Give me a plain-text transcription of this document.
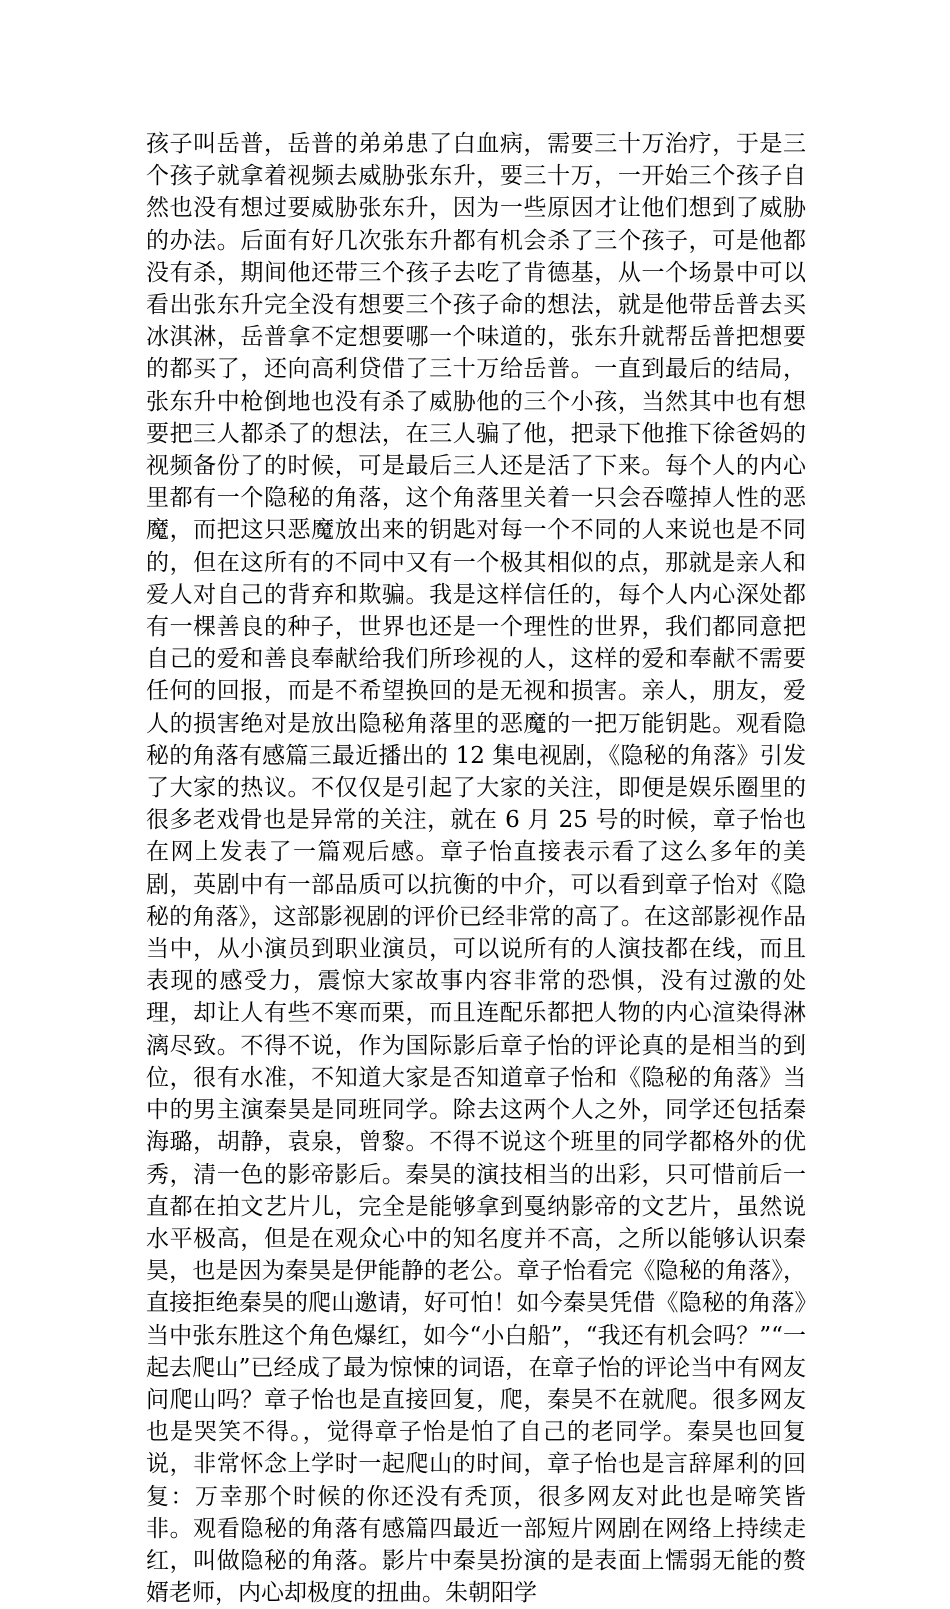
孩子叫岳普，岳普的弟弟患了白血病，需要三十万治疗，于是三个孩子就拿着视频去威胁张东升，要三十万，一开始三个孩子自然也没有想过要威胁张东升，因为一些原因才让他们想到了威胁的办法。后面有好几次张东升都有机会杀了三个孩子，可是他都没有杀，期间他还带三个孩子去吃了肯德基，从一个场景中可以看出张东升完全没有想要三个孩子命的想法，就是他带岳普去买冰淇淋，岳普拿不定想要哪一个味道的，张东升就帮岳普把想要的都买了，还向高利贷借了三十万给岳普。一直到最后的结局，张东升中枪倒地也没有杀了威胁他的三个小孩，当然其中也有想要把三人都杀了的想法，在三人骗了他，把录下他推下徐爸妈的视频备份了的时候，可是最后三人还是活了下来。每个人的内心里都有一个隐秘的角落，这个角落里关着一只会吞噬掉人性的恶魔，而把这只恶魔放出来的钥匙对每一个不同的人来说也是不同的，但在这所有的不同中又有一个极其相似的点，那就是亲人和爱人对自己的背弃和欺骗。我是这样信任的，每个人内心深处都有一棵善良的种子，世界也还是一个理性的世界，我们都同意把自己的爱和善良奉献给我们所珍视的人，这样的爱和奉献不需要任何的回报，而是不希望换回的是无视和损害。亲人，朋友，爱人的损害绝对是放出隐秘角落里的恶魔的一把万能钥匙。观看隐秘的角落有感篇三最近播出的 12 集电视剧，《隐秘的角落》引发了大家的热议。不仅仅是引起了大家的关注，即便是娱乐圈里的很多老戏骨也是异常的关注，就在 6 月 25 号的时候，章子怡也在网上发表了一篇观后感。章子怡直接表示看了这么多年的美剧，英剧中有一部品质可以抗衡的中介，可以看到章子怡对《隐秘的角落》，这部影视剧的评价已经非常的高了。在这部影视作品当中，从小演员到职业演员，可以说所有的人演技都在线，而且表现的感受力，震惊大家故事内容非常的恐惧，没有过激的处理，却让人有些不寒而栗，而且连配乐都把人物的内心渲染得淋漓尽致。不得不说，作为国际影后章子怡的评论真的是相当的到位，很有水准，不知道大家是否知道章子怡和《隐秘的角落》当中的男主演秦昊是同班同学。除去这两个人之外，同学还包括秦海璐，胡静，袁泉，曾黎。不得不说这个班里的同学都格外的优秀，清一色的影帝影后。秦昊的演技相当的出彩，只可惜前后一直都在拍文艺片儿，完全是能够拿到戛纳影帝的文艺片，虽然说水平极高，但是在观众心中的知名度并不高，之所以能够认识秦昊，也是因为秦昊是伊能静的老公。章子怡看完《隐秘的角落》，直接拒绝秦昊的爬山邀请，好可怕！如今秦昊凭借《隐秘的角落》当中张东胜这个角色爆红，如今“小白船”，“我还有机会吗？”“一起去爬山”已经成了最为惊悚的词语，在章子怡的评论当中有网友问爬山吗？章子怡也是直接回复，爬，秦昊不在就爬。很多网友也是哭笑不得。，觉得章子怡是怕了自己的老同学。秦昊也回复说，非常怀念上学时一起爬山的时间，章子怡也是言辞犀利的回复：万幸那个时候的你还没有秃顶，很多网友对此也是啼笑皆非。观看隐秘的角落有感篇四最近一部短片网剧在网络上持续走红，叫做隐秘的角落。影片中秦昊扮演的是表面上懦弱无能的赘婿老师，内心却极度的扭曲。朱朝阳学
